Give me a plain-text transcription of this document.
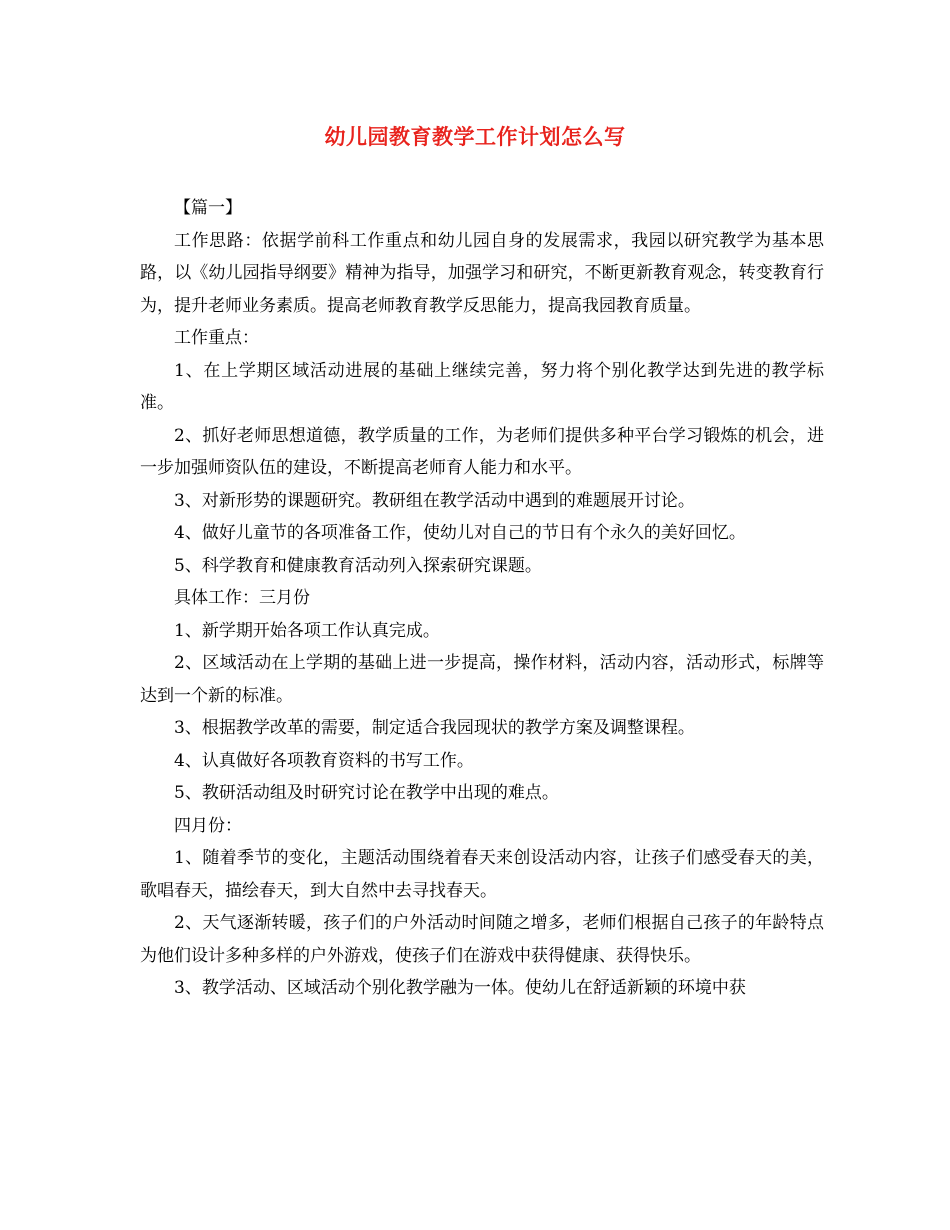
幼儿园教育教学工作计划怎么写

【篇一】

工作思路：依据学前科工作重点和幼儿园自身的发展需求，我园以研究教学为基本思路，以《幼儿园指导纲要》精神为指导，加强学习和研究，不断更新教育观念，转变教育行为，提升老师业务素质。提高老师教育教学反思能力，提高我园教育质量。

工作重点：

1、在上学期区域活动进展的基础上继续完善，努力将个别化教学达到先进的教学标准。

2、抓好老师思想道德，教学质量的工作，为老师们提供多种平台学习锻炼的机会，进一步加强师资队伍的建设，不断提高老师育人能力和水平。

3、对新形势的课题研究。教研组在教学活动中遇到的难题展开讨论。

4、做好儿童节的各项准备工作，使幼儿对自己的节日有个永久的美好回忆。

5、科学教育和健康教育活动列入探索研究课题。

具体工作：三月份

1、新学期开始各项工作认真完成。

2、区域活动在上学期的基础上进一步提高，操作材料，活动内容，活动形式，标牌等达到一个新的标准。

3、根据教学改革的需要，制定适合我园现状的教学方案及调整课程。

4、认真做好各项教育资料的书写工作。

5、教研活动组及时研究讨论在教学中出现的难点。

四月份：

1、随着季节的变化，主题活动围绕着春天来创设活动内容，让孩子们感受春天的美，歌唱春天，描绘春天，到大自然中去寻找春天。

2、天气逐渐转暖，孩子们的户外活动时间随之增多，老师们根据自己孩子的年龄特点为他们设计多种多样的户外游戏，使孩子们在游戏中获得健康、获得快乐。

3、教学活动、区域活动个别化教学融为一体。使幼儿在舒适新颖的环境中获
